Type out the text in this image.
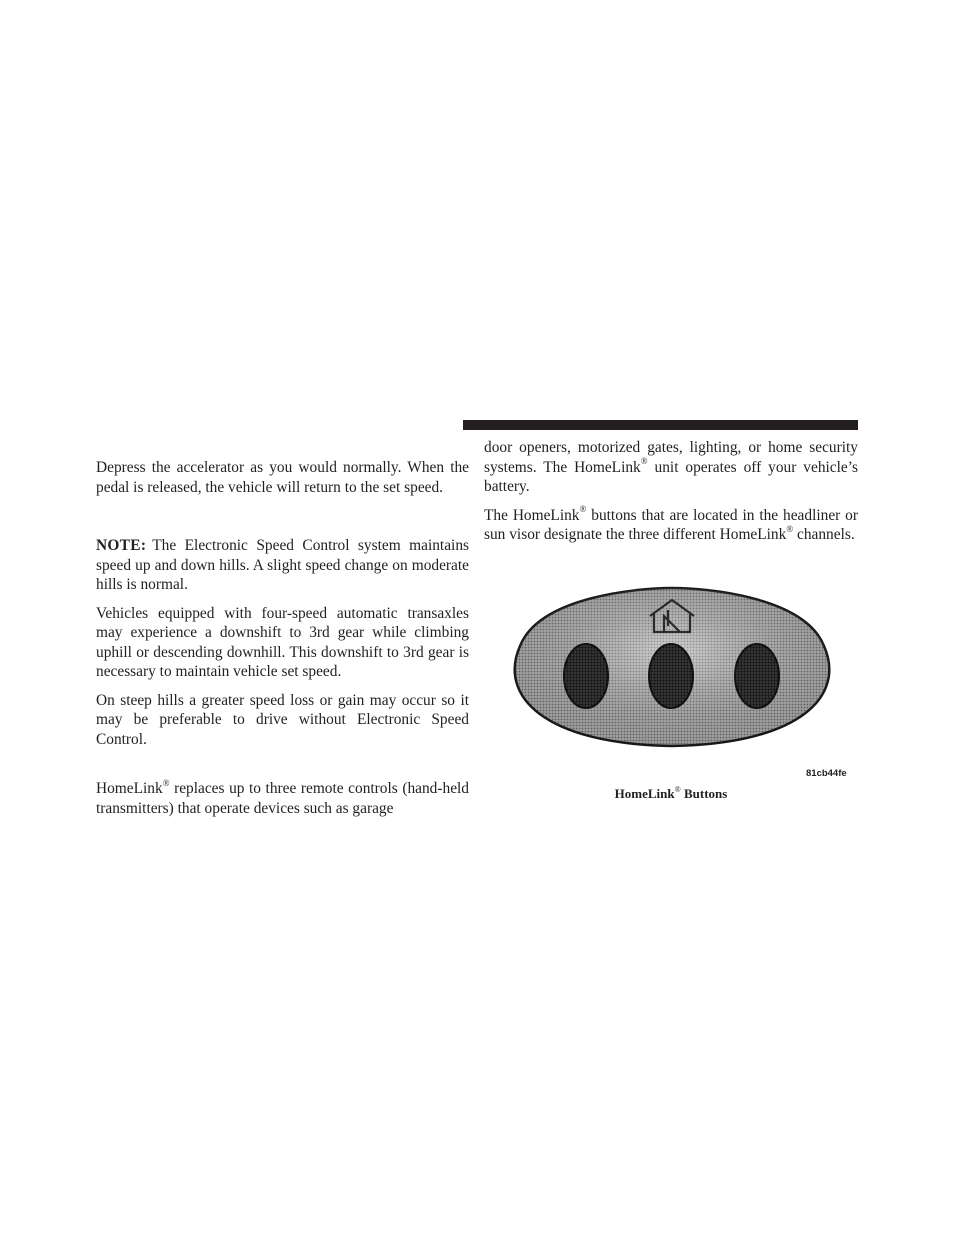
Depress the accelerator as you would normally. When the pedal is released, the vehicle will return to the set speed.

NOTE: The Electronic Speed Control system maintains speed up and down hills. A slight speed change on moderate hills is normal.

Vehicles equipped with four-speed automatic transaxles may experience a downshift to 3rd gear while climbing uphill or descending downhill. This downshift to 3rd gear is necessary to maintain vehicle set speed.

On steep hills a greater speed loss or gain may occur so it may be preferable to drive without Electronic Speed Control.

HomeLink® replaces up to three remote controls (hand-held transmitters) that operate devices such as garage

door openers, motorized gates, lighting, or home security systems. The HomeLink® unit operates off your vehicle’s battery.

The HomeLink® buttons that are located in the headliner or sun visor designate the three different HomeLink® channels.

81cb44fe
HomeLink® Buttons
